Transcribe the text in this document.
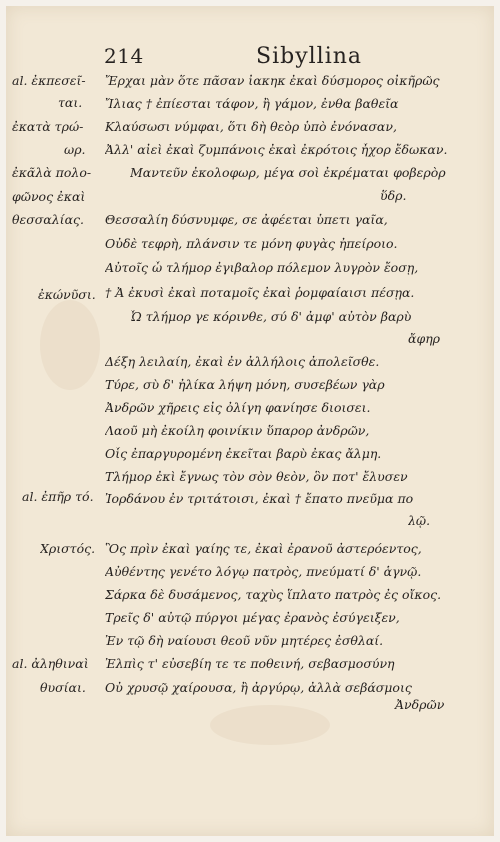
214	Sibyllina
al. ἐκπεσεῖ-
ται.
ἐκατὰ τρώ-
ωρ.
ἐκᾶλὰ πολο-
φῶνος ἐκαὶ
θεσσαλίας.
ἐκώνῦσι.
al. ἐπῆρ τό.
Χριστός.
al. ἀληθιναὶ
θυσίαι.
Ἔρχαι μὰν ὅτε πᾶσαν ἰακηκ ἐκαὶ δύσμορος οἰκῆρῶς
Ἴλιας † ἐπίεσται τάφον, ἢ γάμον, ἐνθα βαθεῖα
Κλαύσωσι νύμφαι, ὅτι δὴ θεὸρ ὑπὸ ἐνόνασαν,
Ἀλλ' αἰεὶ ἐκαὶ ζυμπάνοις ἐκαὶ ἐκρότοις ἦχορ ἔδωκαν.
Μαντεῦν ἐκολοφωρ, μέγα σοὶ ἐκρέμαται φοβερὸρ
ὕδρ.
Θεσσαλίη δύσνυμφε, σε ἀφέεται ὑπετι γαῖα,
Οὐδὲ τεφρὴ, πλάνσιν τε μόνη φυγὰς ἠπείροιο.
Αὐτοῖς ὦ τλήμορ ἐγιβαλορ πόλεμον λυγρὸν ἔοσῃ,
† Ἀ ἐκυσὶ ἐκαὶ ποταμοῖς ἐκαὶ ῥομφαίαισι πέσῃα.
Ὦ τλήμορ γε κόρινθε, σύ δ' ἀμφ' αὐτὸν βαρὺ
ἄφηρ
Δέξη λειλαίη, ἐκαὶ ἐν ἀλλήλοις ἀπολεῖσθε.
Τύρε, σὺ δ' ἠλίκα λήψη μόνη, συσεβέων γὰρ
Ἀνδρῶν χῆρεις εἰς ὀλίγη φανίησε διοισει.
Λαοῦ μὴ ἐκοίλη φοινίκιν ὕπαρορ ἀνδρῶν,
Οἷς ἐπαργυρομένη ἐκεῖται βαρὺ ἐκας ἄλμη.
Τλήμορ ἐκὶ ἔγνως τὸν σὸν θεὸν, ὃν ποτ' ἔλυσεν
Ἰορδάνου ἐν τριτάτοισι, ἐκαὶ † ἔπατο πνεῦμα πο
λῷ.
Ὃς πρὶν ἐκαὶ γαίης τε, ἐκαὶ ἐρανοῦ ἀστερόεντος,
Αὐθέντης γενέτο λόγῳ πατρὸς, πνεύματί δ' ἁγνῷ.
Σάρκα δὲ δυσάμενος, ταχὺς ἵπλατο πατρὸς ἐς οἴκος.
Τρεῖς δ' αὐτῷ πύργοι μέγας ἐρανὸς ἐσύγειξεν,
Ἐν τῷ δὴ ναίουσι θεοῦ νῦν μητέρες ἐσθλαί.
Ἐλπὶς τ' εὐσεβίη τε τε ποθεινή, σεβασμοσύνη
Οὐ χρυσῷ χαίρουσα, ἢ ἀργύρῳ, ἀλλὰ σεβάσμοις
Ἀνδρῶν
